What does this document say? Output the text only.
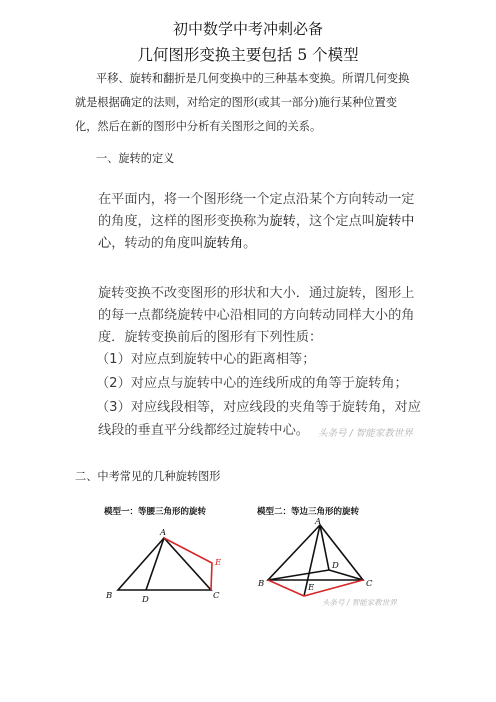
初中数学中考冲刺必备
几何图形变换主要包括 5 个模型
平移、旋转和翻折是几何变换中的三种基本变换。所谓几何变换
就是根据确定的法则，对给定的图形(或其一部分)施行某种位置变
化，然后在新的图形中分析有关图形之间的关系。
一、旋转的定义
在平面内，将一个图形绕一个定点沿某个方向转动一定
的角度，这样的图形变换称为旋转，这个定点叫旋转中
心，转动的角度叫旋转角。
旋转变换不改变图形的形状和大小．通过旋转，图形上
的每一点都绕旋转中心沿相同的方向转动同样大小的角
度．旋转变换前后的图形有下列性质：
（1）对应点到旋转中心的距离相等；
（2）对应点与旋转中心的连线所成的角等于旋转角；
（3）对应线段相等，对应线段的夹角等于旋转角，对应
线段的垂直平分线都经过旋转中心。 头条号 / 智能家教世界
二、中考常见的几种旋转图形
模型一：等腰三角形的旋转	模型二：等边三角形的旋转
A
B	C
D
E
A
B	C
D
E
头条号 / 智能家教世界
